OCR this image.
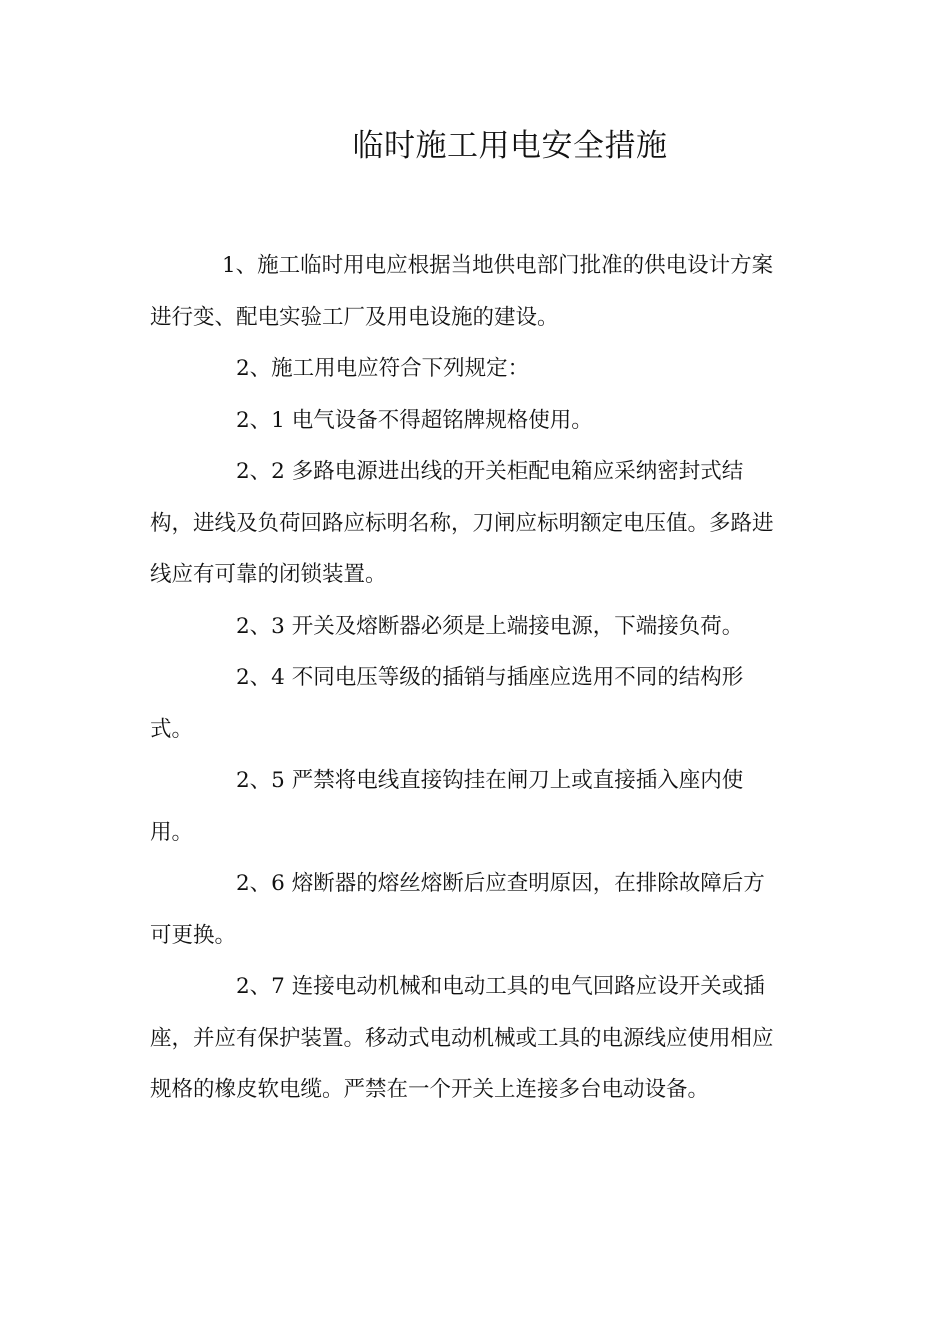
临时施工用电安全措施
1、施工临时用电应根据当地供电部门批准的供电设计方案
进行变、配电实验工厂及用电设施的建设。
2、施工用电应符合下列规定：
2、1 电气设备不得超铭牌规格使用。
2、2 多路电源进出线的开关柜配电箱应采纳密封式结
构，进线及负荷回路应标明名称，刀闸应标明额定电压值。多路进
线应有可靠的闭锁装置。
2、3 开关及熔断器必须是上端接电源，下端接负荷。
2、4 不同电压等级的插销与插座应选用不同的结构形
式。
2、5 严禁将电线直接钩挂在闸刀上或直接插入座内使
用。
2、6 熔断器的熔丝熔断后应查明原因，在排除故障后方
可更换。
2、7 连接电动机械和电动工具的电气回路应设开关或插
座，并应有保护装置。移动式电动机械或工具的电源线应使用相应
规格的橡皮软电缆。严禁在一个开关上连接多台电动设备。
